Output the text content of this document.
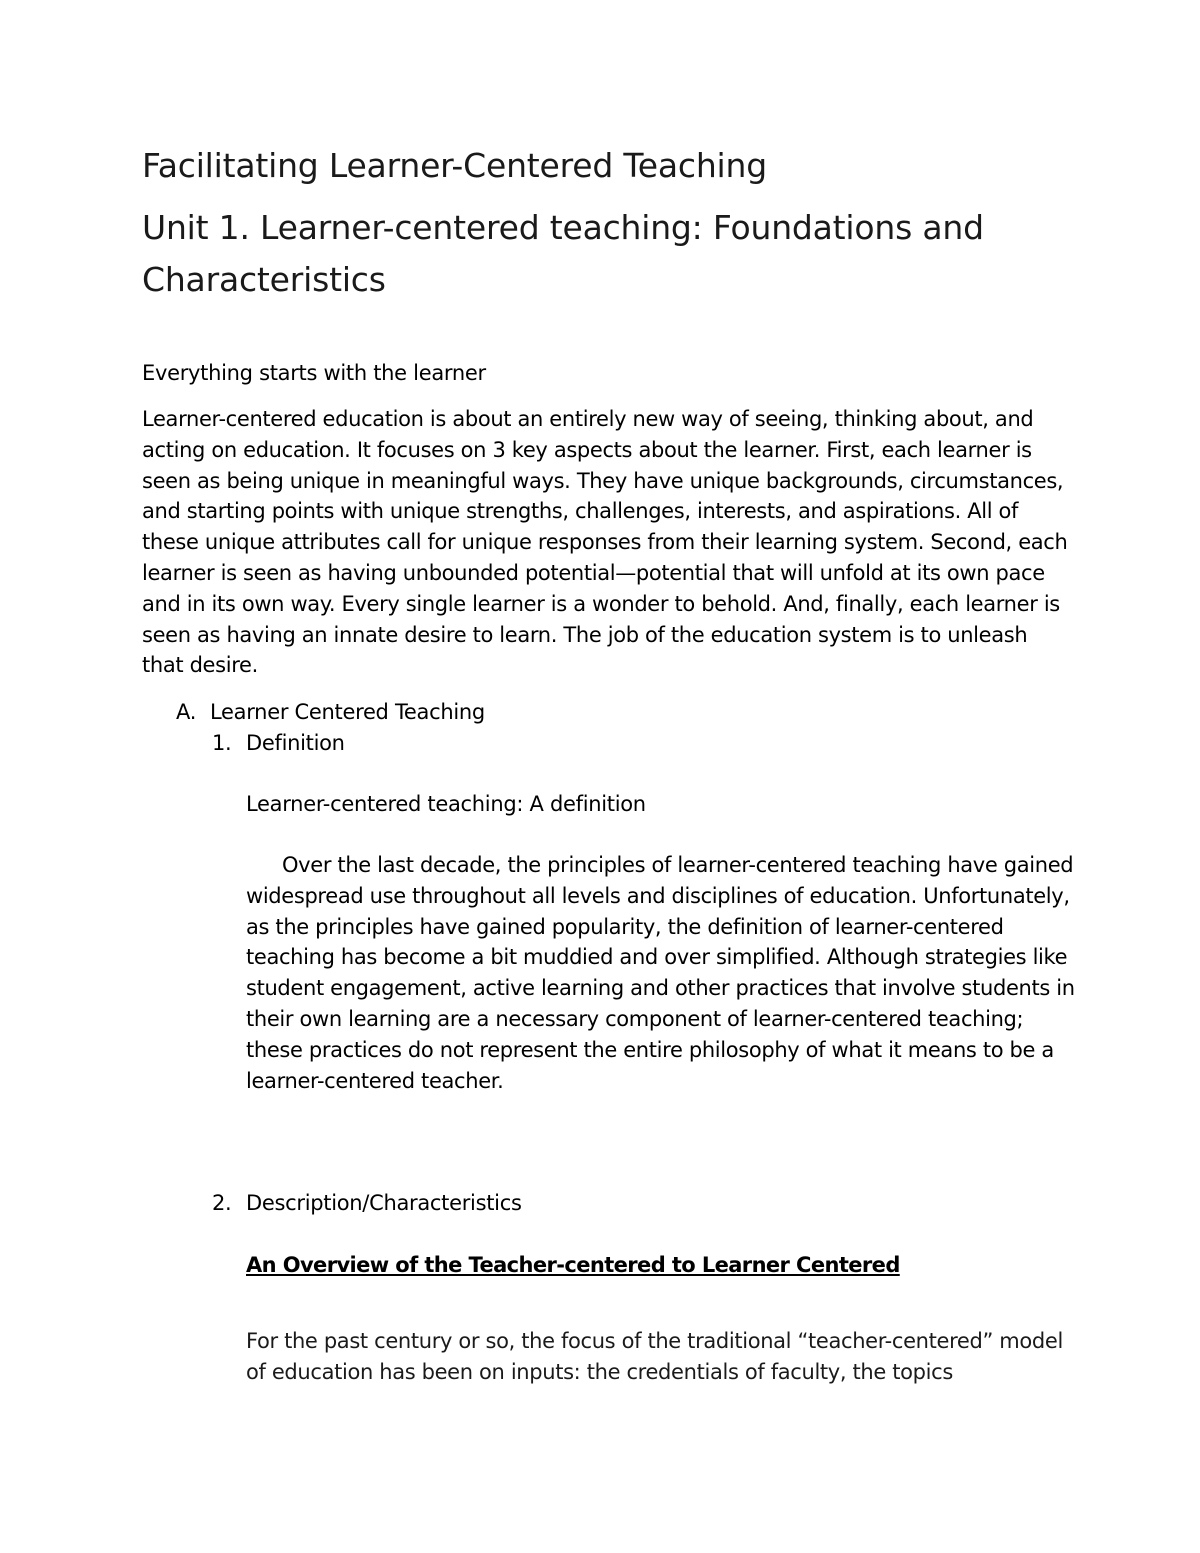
Facilitating Learner-Centered Teaching
Unit 1. Learner-centered teaching: Foundations and Characteristics

Everything starts with the learner

Learner-centered education is about an entirely new way of seeing, thinking about, and acting on education. It focuses on 3 key aspects about the learner. First, each learner is seen as being unique in meaningful ways. They have unique backgrounds, circumstances, and starting points with unique strengths, challenges, interests, and aspirations. All of these unique attributes call for unique responses from their learning system. Second, each learner is seen as having unbounded potential—potential that will unfold at its own pace and in its own way. Every single learner is a wonder to behold. And, finally, each learner is seen as having an innate desire to learn. The job of the education system is to unleash that desire.

A. Learner Centered Teaching
1. Definition

Learner-centered teaching: A definition

Over the last decade, the principles of learner-centered teaching have gained widespread use throughout all levels and disciplines of education. Unfortunately, as the principles have gained popularity, the definition of learner-centered teaching has become a bit muddied and over simplified. Although strategies like student engagement, active learning and other practices that involve students in their own learning are a necessary component of learner-centered teaching; these practices do not represent the entire philosophy of what it means to be a learner-centered teacher.

2. Description/Characteristics

An Overview of the Teacher-centered to Learner Centered

For the past century or so, the focus of the traditional “teacher-centered” model of education has been on inputs: the credentials of faculty, the topics
